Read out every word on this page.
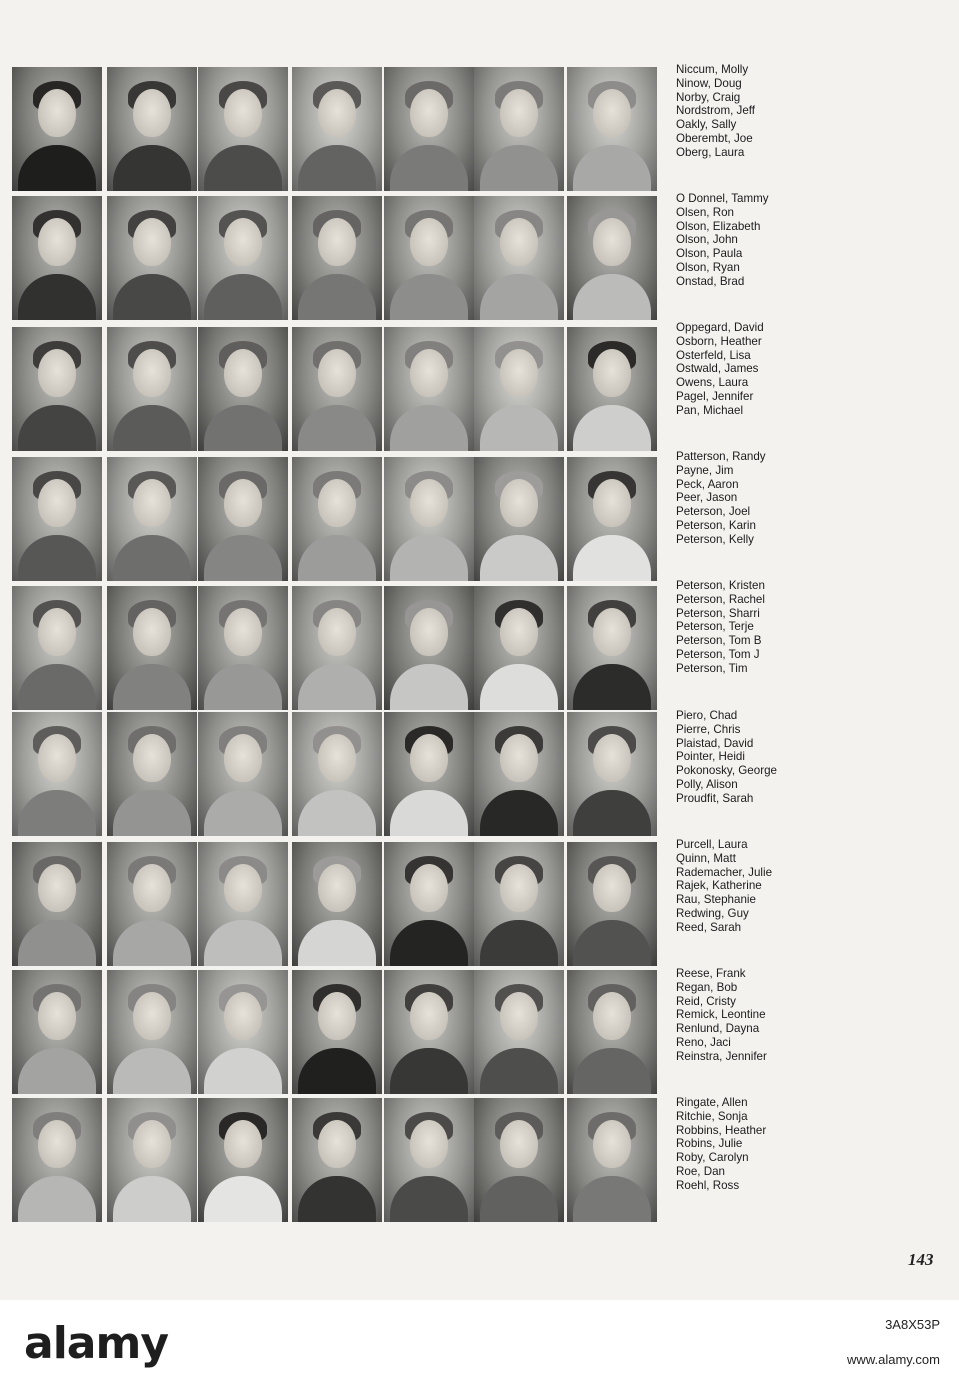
Niccum, Molly
Ninow, Doug
Norby, Craig
Nordstrom, Jeff
Oakly, Sally
Oberembt, Joe
Oberg, Laura
O Donnel, Tammy
Olsen, Ron
Olson, Elizabeth
Olson, John
Olson, Paula
Olson, Ryan
Onstad, Brad
Oppegard, David
Osborn, Heather
Osterfeld, Lisa
Ostwald, James
Owens, Laura
Pagel, Jennifer
Pan, Michael
Patterson, Randy
Payne, Jim
Peck, Aaron
Peer, Jason
Peterson, Joel
Peterson, Karin
Peterson, Kelly
Peterson, Kristen
Peterson, Rachel
Peterson, Sharri
Peterson, Terje
Peterson, Tom B
Peterson, Tom J
Peterson, Tim
Piero, Chad
Pierre, Chris
Plaistad, David
Pointer, Heidi
Pokonosky, George
Polly, Alison
Proudfit, Sarah
Purcell, Laura
Quinn, Matt
Rademacher, Julie
Rajek, Katherine
Rau, Stephanie
Redwing, Guy
Reed, Sarah
Reese, Frank
Regan, Bob
Reid, Cristy
Remick, Leontine
Renlund, Dayna
Reno, Jaci
Reinstra, Jennifer
Ringate, Allen
Ritchie, Sonja
Robbins, Heather
Robins, Julie
Roby, Carolyn
Roe, Dan
Roehl, Ross
143
alamy	3A8X53P
www.alamy.com
